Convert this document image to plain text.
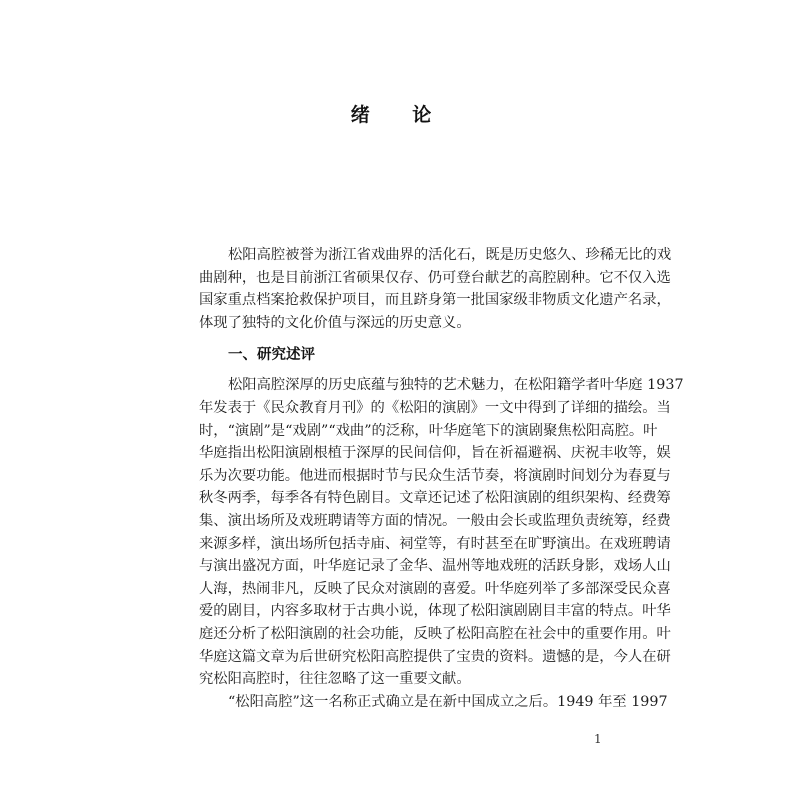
绪 论

松阳高腔被誉为浙江省戏曲界的活化石，既是历史悠久、珍稀无比的戏
曲剧种，也是目前浙江省硕果仅存、仍可登台献艺的高腔剧种。它不仅入选
国家重点档案抢救保护项目，而且跻身第一批国家级非物质文化遗产名录，
体现了独特的文化价值与深远的历史意义。

一、研究述评

松阳高腔深厚的历史底蕴与独特的艺术魅力，在松阳籍学者叶华庭 1937
年发表于《民众教育月刊》的《松阳的演剧》一文中得到了详细的描绘。当
时，“演剧”是“戏剧”“戏曲”的泛称，叶华庭笔下的演剧聚焦松阳高腔。叶
华庭指出松阳演剧根植于深厚的民间信仰，旨在祈福避祸、庆祝丰收等，娱
乐为次要功能。他进而根据时节与民众生活节奏，将演剧时间划分为春夏与
秋冬两季，每季各有特色剧目。文章还记述了松阳演剧的组织架构、经费筹
集、演出场所及戏班聘请等方面的情况。一般由会长或监理负责统筹，经费
来源多样，演出场所包括寺庙、祠堂等，有时甚至在旷野演出。在戏班聘请
与演出盛况方面，叶华庭记录了金华、温州等地戏班的活跃身影，戏场人山
人海，热闹非凡，反映了民众对演剧的喜爱。叶华庭列举了多部深受民众喜
爱的剧目，内容多取材于古典小说，体现了松阳演剧剧目丰富的特点。叶华
庭还分析了松阳演剧的社会功能，反映了松阳高腔在社会中的重要作用。叶
华庭这篇文章为后世研究松阳高腔提供了宝贵的资料。遗憾的是，今人在研
究松阳高腔时，往往忽略了这一重要文献。

“松阳高腔”这一名称正式确立是在新中国成立之后。1949 年至 1997

1
